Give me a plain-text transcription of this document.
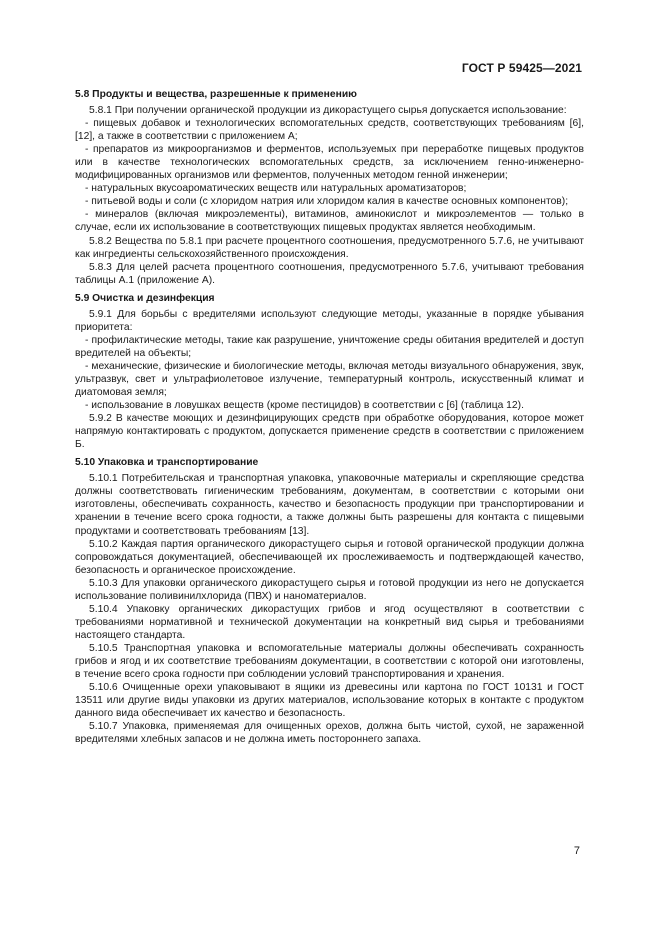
ГОСТ Р 59425—2021
5.8 Продукты и вещества, разрешенные к применению

5.8.1 При получении органической продукции из дикорастущего сырья допускается использование:

- пищевых добавок и технологических вспомогательных средств, соответствующих требованиям [6], [12], а также в соответствии с приложением А;

- препаратов из микроорганизмов и ферментов, используемых при переработке пищевых продуктов или в качестве технологических вспомогательных средств, за исключением генно-инженерно-модифицированных организмов или ферментов, полученных методом генной инженерии;

- натуральных вкусоароматических веществ или натуральных ароматизаторов;

- питьевой воды и соли (с хлоридом натрия или хлоридом калия в качестве основных компонентов);

- минералов (включая микроэлементы), витаминов, аминокислот и микроэлементов — только в случае, если их использование в соответствующих пищевых продуктах является необходимым.

5.8.2 Вещества по 5.8.1 при расчете процентного соотношения, предусмотренного 5.7.6, не учитывают как ингредиенты сельскохозяйственного происхождения.

5.8.3 Для целей расчета процентного соотношения, предусмотренного 5.7.6, учитывают требования таблицы А.1 (приложение А).

5.9 Очистка и дезинфекция

5.9.1 Для борьбы с вредителями используют следующие методы, указанные в порядке убывания приоритета:

- профилактические методы, такие как разрушение, уничтожение среды обитания вредителей и доступ вредителей на объекты;

- механические, физические и биологические методы, включая методы визуального обнаружения, звук, ультразвук, свет и ультрафиолетовое излучение, температурный контроль, искусственный климат и диатомовая земля;

- использование в ловушках веществ (кроме пестицидов) в соответствии с [6] (таблица 12).

5.9.2 В качестве моющих и дезинфицирующих средств при обработке оборудования, которое может напрямую контактировать с продуктом, допускается применение средств в соответствии с приложением Б.

5.10 Упаковка и транспортирование

5.10.1 Потребительская и транспортная упаковка, упаковочные материалы и скрепляющие средства должны соответствовать гигиеническим требованиям, документам, в соответствии с которыми они изготовлены, обеспечивать сохранность, качество и безопасность продукции при транспортировании и хранении в течение всего срока годности, а также должны быть разрешены для контакта с пищевыми продуктами и соответствовать требованиям [13].

5.10.2 Каждая партия органического дикорастущего сырья и готовой органической продукции должна сопровождаться документацией, обеспечивающей их прослеживаемость и подтверждающей качество, безопасность и органическое происхождение.

5.10.3 Для упаковки органического дикорастущего сырья и готовой продукции из него не допускается использование поливинилхлорида (ПВХ) и наноматериалов.

5.10.4 Упаковку органических дикорастущих грибов и ягод осуществляют в соответствии с требованиями нормативной и технической документации на конкретный вид сырья и требованиями настоящего стандарта.

5.10.5 Транспортная упаковка и вспомогательные материалы должны обеспечивать сохранность грибов и ягод и их соответствие требованиям документации, в соответствии с которой они изготовлены, в течение всего срока годности при соблюдении условий транспортирования и хранения.

5.10.6 Очищенные орехи упаковывают в ящики из древесины или картона по ГОСТ 10131 и ГОСТ 13511 или другие виды упаковки из других материалов, использование которых в контакте с продуктом данного вида обеспечивает их качество и безопасность.

5.10.7 Упаковка, применяемая для очищенных орехов, должна быть чистой, сухой, не зараженной вредителями хлебных запасов и не должна иметь постороннего запаха.

7
